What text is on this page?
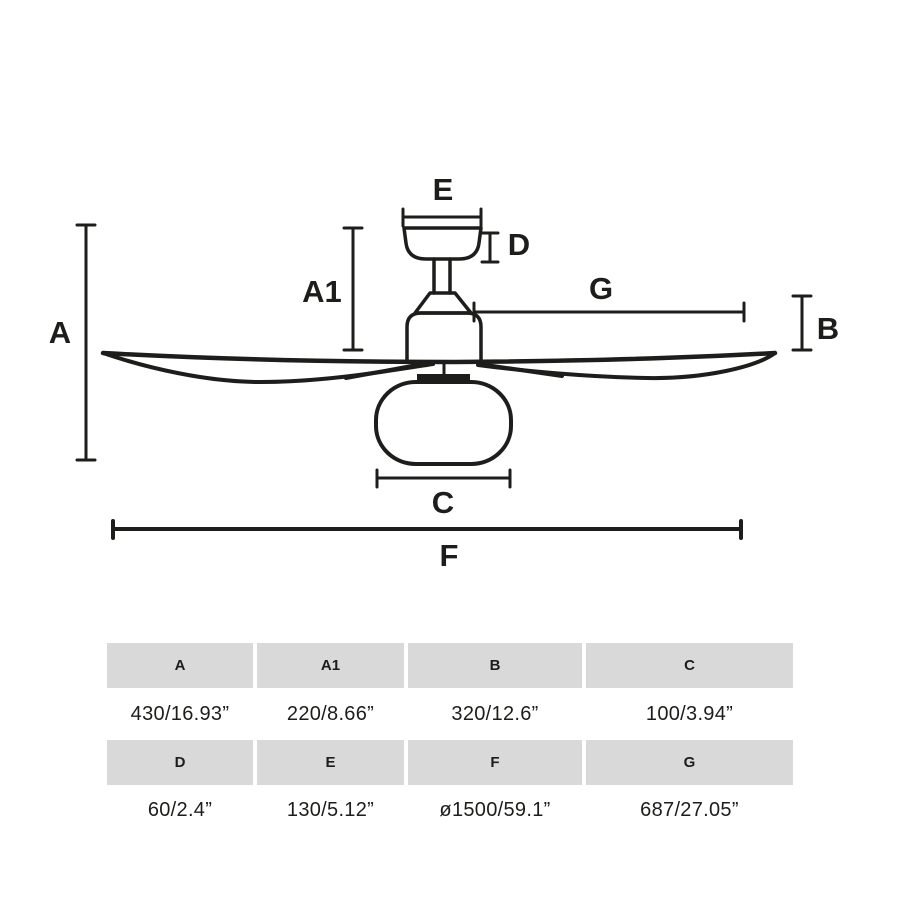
A
A1
E
D
G
B
C
F
A	A1	B	C
430/16.93”	220/8.66”	320/12.6”	100/3.94”
D	E	F	G
60/2.4”	130/5.12”	ø1500/59.1”	687/27.05”
